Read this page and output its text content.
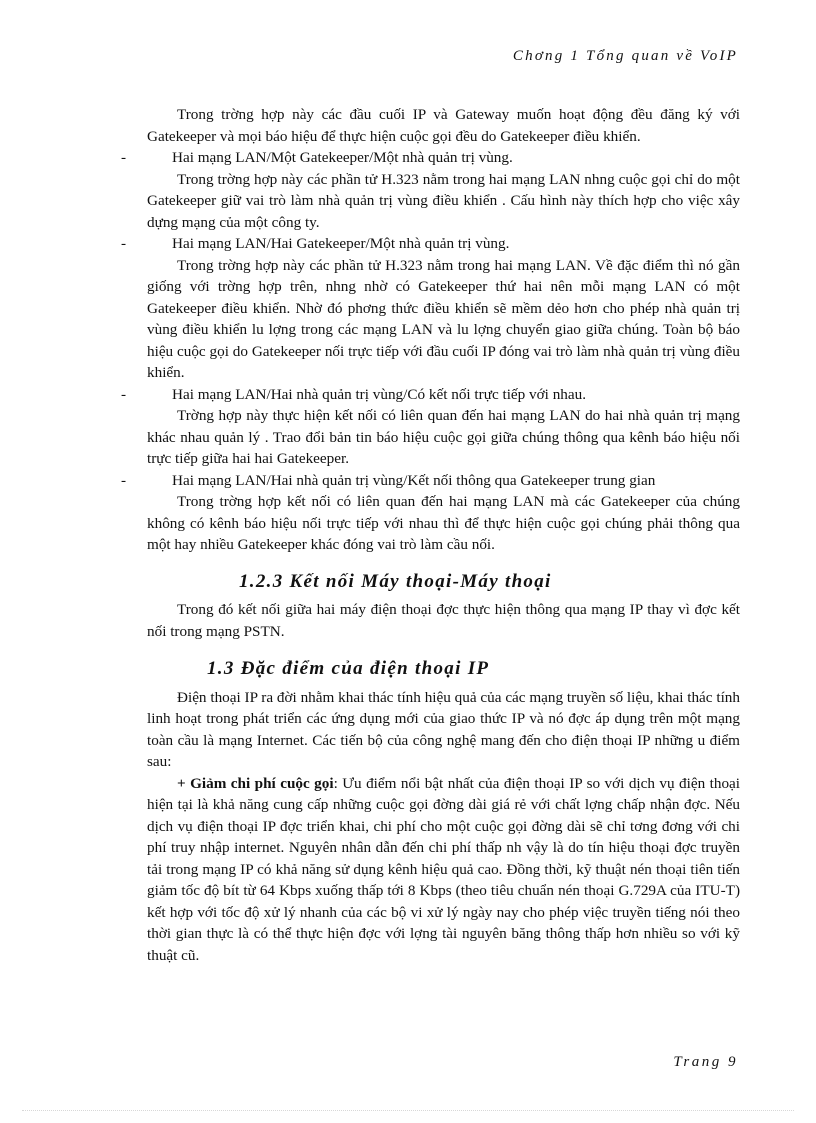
Chơng 1 Tổng quan về VoIP

Trong trờng hợp này các đầu cuối IP và Gateway muốn hoạt động đều đăng ký với Gatekeeper và mọi báo hiệu để thực hiện cuộc gọi đều do Gatekeeper điều khiển.

-	Hai mạng LAN/Một Gatekeeper/Một nhà quản trị vùng.

Trong trờng hợp này các phần tử H.323 nằm trong hai mạng LAN nhng cuộc gọi chỉ do một Gatekeeper giữ vai trò làm nhà quản trị vùng điều khiển . Cấu hình này thích hợp cho việc xây dựng mạng của một công ty.

-	Hai mạng LAN/Hai Gatekeeper/Một nhà quản trị vùng.

Trong trờng hợp này các phần tử H.323 nằm trong hai mạng LAN. Về đặc điểm thì nó gần giống với trờng hợp trên, nhng nhờ có Gatekeeper thứ hai nên mỗi mạng LAN có một Gatekeeper điều khiển. Nhờ đó phơng thức điều khiển sẽ mềm dẻo hơn cho phép nhà quản trị vùng điều khiển lu lợng trong các mạng LAN và lu lợng chuyển giao giữa chúng. Toàn bộ báo hiệu cuộc gọi do Gatekeeper nối trực tiếp với đầu cuối IP đóng vai trò làm nhà quản trị vùng điều khiển.

-	Hai mạng LAN/Hai nhà quản trị vùng/Có kết nối trực tiếp với nhau.

Trờng hợp này thực hiện kết nối có liên quan đến hai mạng LAN do hai nhà quản trị mạng khác nhau quản lý . Trao đổi bản tin báo hiệu cuộc gọi giữa chúng thông qua kênh báo hiệu nối trực tiếp giữa hai hai Gatekeeper.

-	Hai mạng LAN/Hai nhà quản trị vùng/Kết nối thông qua Gatekeeper trung gian

Trong trờng hợp kết nối có liên quan đến hai mạng LAN mà các Gatekeeper của chúng không có kênh báo hiệu nối trực tiếp với nhau thì để thực hiện cuộc gọi chúng phải thông qua một hay nhiều Gatekeeper khác đóng vai trò làm cầu nối.

1.2.3 Kết nối Máy thoại-Máy thoại

Trong đó kết nối giữa hai máy điện thoại đợc thực hiện thông qua mạng IP thay vì đợc kết nối trong mạng PSTN.

1.3 Đặc điểm của điện thoại IP

Điện thoại IP ra đời nhằm khai thác tính hiệu quả của các mạng truyền số liệu, khai thác tính linh hoạt trong phát triển các ứng dụng mới của giao thức IP và nó đợc áp dụng trên một mạng toàn cầu là mạng Internet. Các tiến bộ của công nghệ mang đến cho điện thoại IP những u điểm sau:

+ Giảm chi phí cuộc gọi: Ưu điểm nổi bật nhất của điện thoại IP so với dịch vụ điện thoại hiện tại là khả năng cung cấp những cuộc gọi đờng dài giá rẻ với chất lợng chấp nhận đợc. Nếu dịch vụ điện thoại IP đợc triển khai, chi phí cho một cuộc gọi đờng dài sẽ chỉ tơng đơng với chi phí truy nhập internet. Nguyên nhân dẫn đến chi phí thấp nh vậy là do tín hiệu thoại đợc truyền tải trong mạng IP có khả năng sử dụng kênh hiệu quả cao. Đồng thời, kỹ thuật nén thoại tiên tiến giảm tốc độ bít từ 64 Kbps xuống thấp tới 8 Kbps (theo tiêu chuẩn nén thoại G.729A của ITU-T) kết hợp với tốc độ xử lý nhanh của các bộ vi xử lý ngày nay cho phép việc truyền tiếng nói theo thời gian thực là có thể thực hiện đợc với lợng tài nguyên băng thông thấp hơn nhiều so với kỹ thuật cũ.

Trang 9
